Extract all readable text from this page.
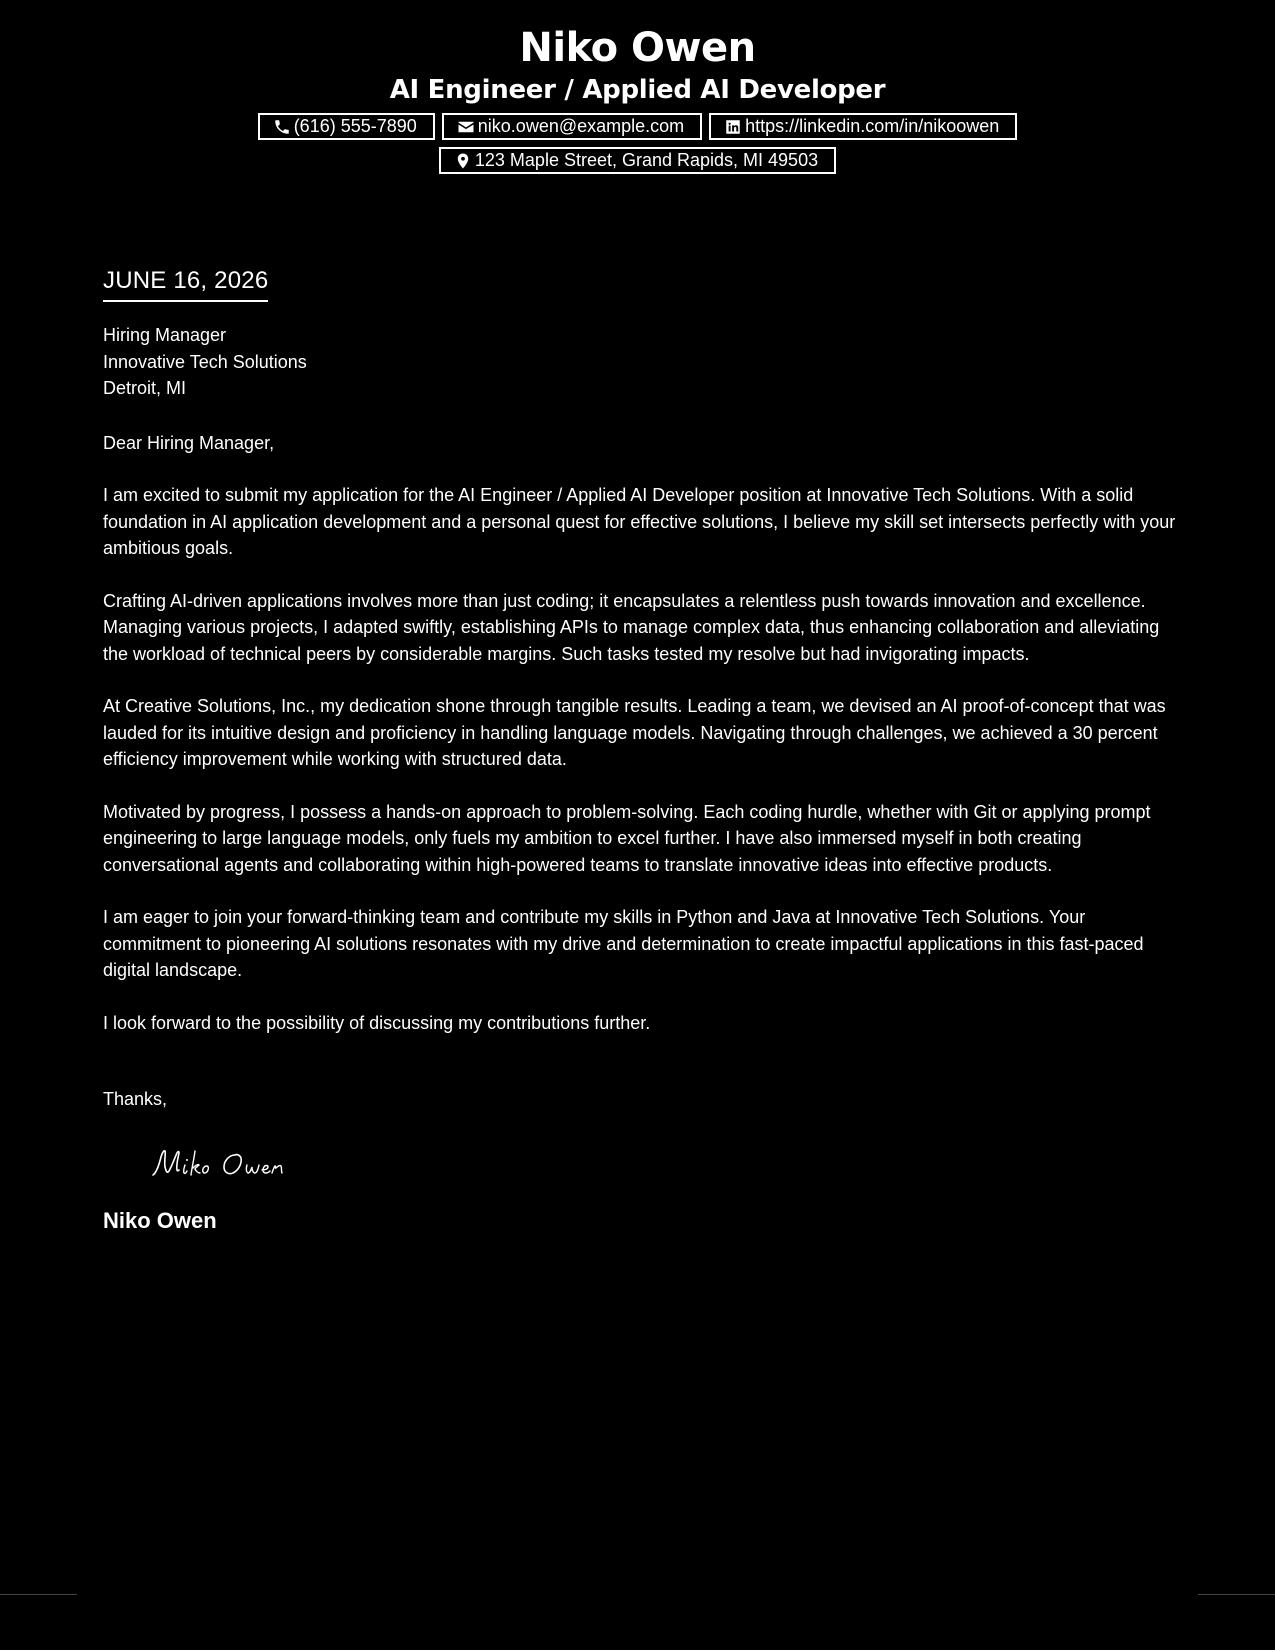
Niko Owen
AI Engineer / Applied AI Developer
(616) 555-7890	niko.owen@example.com	https://linkedin.com/in/nikoowen
123 Maple Street, Grand Rapids, MI 49503
JUNE 16, 2026
Hiring Manager
Innovative Tech Solutions
Detroit, MI
Dear Hiring Manager,

I am excited to submit my application for the AI Engineer / Applied AI Developer position at Innovative Tech Solutions. With a solid foundation in AI application development and a personal quest for effective solutions, I believe my skill set intersects perfectly with your ambitious goals.

Crafting AI-driven applications involves more than just coding; it encapsulates a relentless push towards innovation and excellence. Managing various projects, I adapted swiftly, establishing APIs to manage complex data, thus enhancing collaboration and alleviating the workload of technical peers by considerable margins. Such tasks tested my resolve but had invigorating impacts.

At Creative Solutions, Inc., my dedication shone through tangible results. Leading a team, we devised an AI proof-of-concept that was lauded for its intuitive design and proficiency in handling language models. Navigating through challenges, we achieved a 30 percent efficiency improvement while working with structured data.

Motivated by progress, I possess a hands-on approach to problem-solving. Each coding hurdle, whether with Git or applying prompt engineering to large language models, only fuels my ambition to excel further. I have also immersed myself in both creating conversational agents and collaborating within high-powered teams to translate innovative ideas into effective products.

I am eager to join your forward-thinking team and contribute my skills in Python and Java at Innovative Tech Solutions. Your commitment to pioneering AI solutions resonates with my drive and determination to create impactful applications in this fast-paced digital landscape.

I look forward to the possibility of discussing my contributions further.

Thanks,
Niko Owen
